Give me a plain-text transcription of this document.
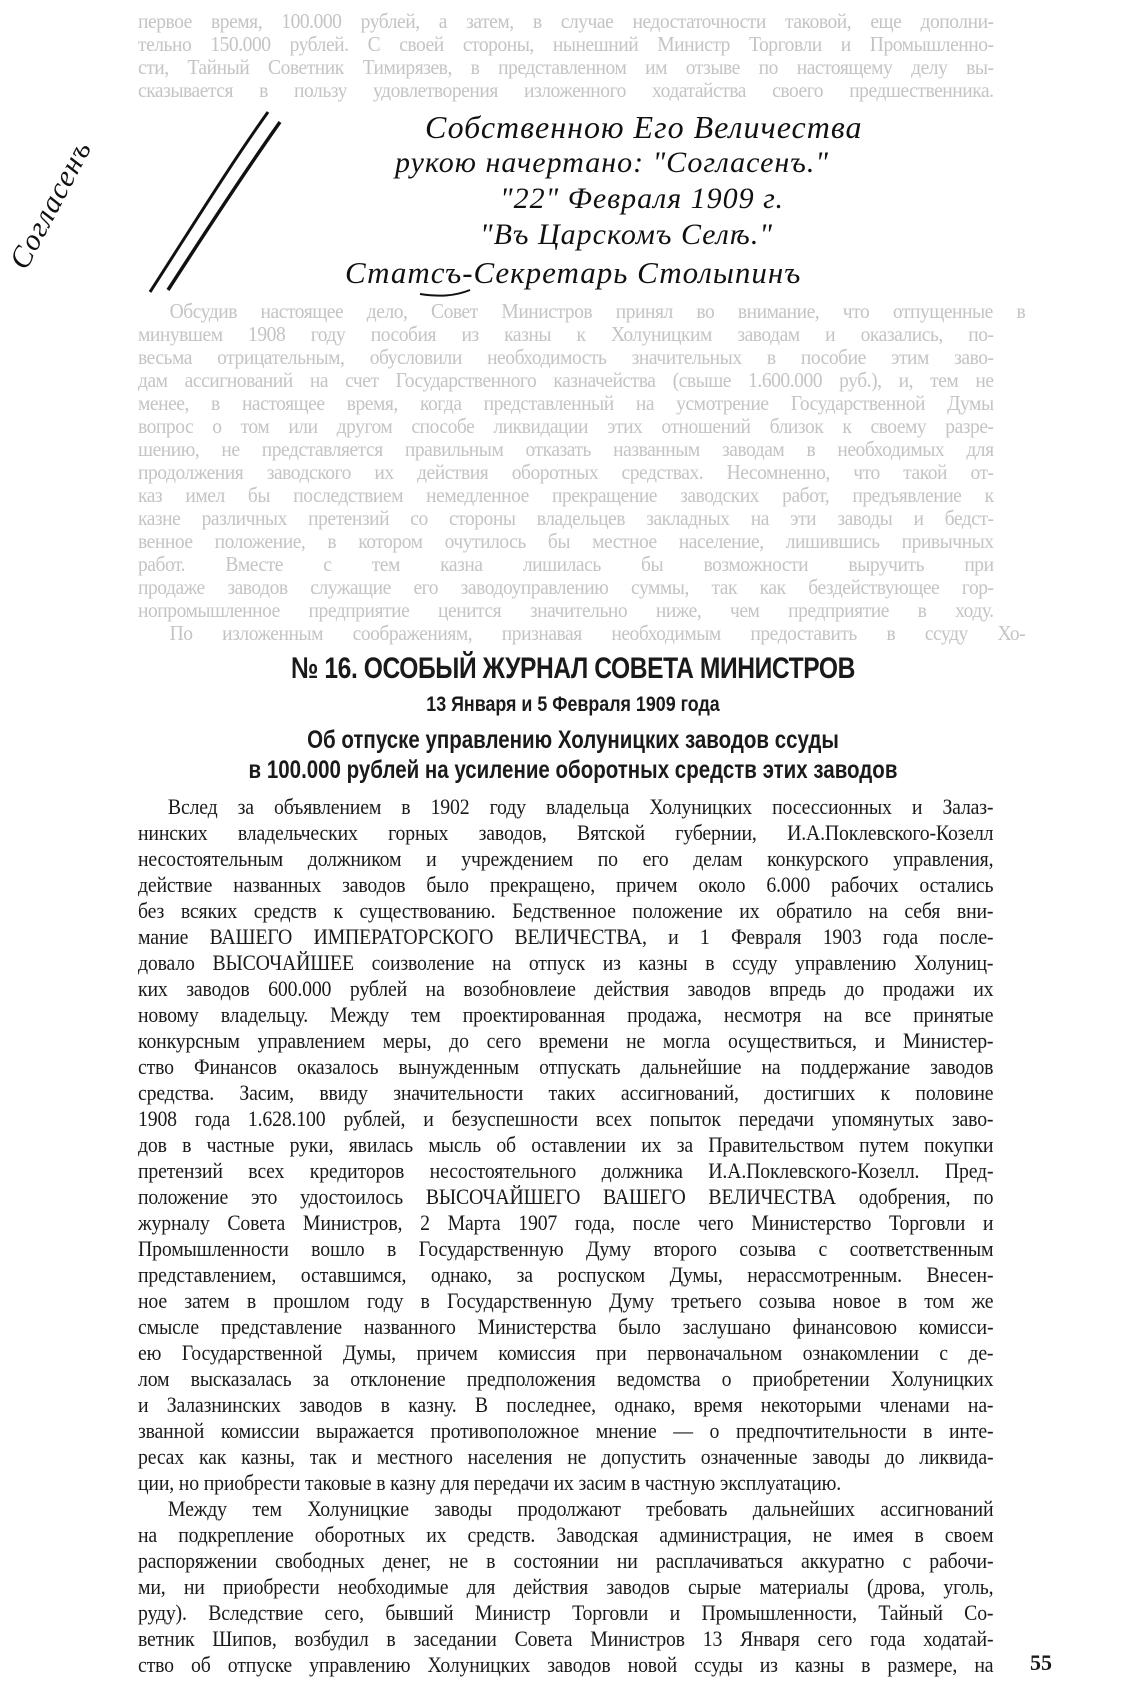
первое время, 100.000 рублей, а затем, в случае недостаточности таковой, еще дополни-
тельно 150.000 рублей. С своей стороны, нынешний Министр Торговли и Промышленно-
сти, Тайный Советник Тимирязев, в представленном им отзыве по настоящему делу вы-
сказывается в пользу удовлетворения изложенного ходатайства своего предшественника.
Обсудив настоящее дело, Совет Министров принял во внимание, что отпущенные в
минувшем 1908 году пособия из казны к Холуницким заводам и оказались, по-
весьма отрицательным, обусловили необходимость значительных в пособие этим заво-
дам ассигнований на счет Государственного казначейства (свыше 1.600.000 руб.), и, тем не
менее, в настоящее время, когда представленный на усмотрение Государственной Думы
вопрос о том или другом способе ликвидации этих отношений близок к своему разре-
шению, не представляется правильным отказать названным заводам в необходимых для
продолжения заводского их действия оборотных средствах. Несомненно, что такой от-
каз имел бы последствием немедленное прекращение заводских работ, предъявление к
казне различных претензий со стороны владельцев закладных на эти заводы и бедст-
венное положение, в котором очутилось бы местное население, лишившись привычных
работ. Вместе с тем казна лишилась бы возможности выручить при
продаже заводов служащие его заводоуправлению суммы, так как бездействующее гор-
нопромышленное предприятие ценится значительно ниже, чем предприятие в ходу.
По изложенным соображениям, признавая необходимым предоставить в ссуду Хо-
Согласенъ
Собственною Его Величества
рукою начертано: "Согласенъ."
"22" Февраля 1909 г.
"Въ Царскомъ Селѣ."
Статсъ-Секретарь Столыпинъ
№ 16. ОСОБЫЙ ЖУРНАЛ СОВЕТА МИНИСТРОВ
13 Января и 5 Февраля 1909 года
Об отпуске управлению Холуницких заводов ссуды
в 100.000 рублей на усиление оборотных средств этих заводов
Вслед за объявлением в 1902 году владельца Холуницких посессионных и Залаз-
нинских владельческих горных заводов, Вятской губернии, И.А.Поклевского-Козелл
несостоятельным должником и учреждением по его делам конкурского управления,
действие названных заводов было прекращено, причем около 6.000 рабочих остались
без всяких средств к существованию. Бедственное положение их обратило на себя вни-
мание ВАШЕГО ИМПЕРАТОРСКОГО ВЕЛИЧЕСТВА, и 1 Февраля 1903 года после-
довало ВЫСОЧАЙШЕЕ соизволение на отпуск из казны в ссуду управлению Холуниц-
ких заводов 600.000 рублей на возобновлеие действия заводов впредь до продажи их
новому владельцу. Между тем проектированная продажа, несмотря на все принятые
конкурсным управлением меры, до сего времени не могла осуществиться, и Министер-
ство Финансов оказалось вынужденным отпускать дальнейшие на поддержание заводов
средства. Засим, ввиду значительности таких ассигнований, достигших к половине
1908 года 1.628.100 рублей, и безуспешности всех попыток передачи упомянутых заво-
дов в частные руки, явилась мысль об оставлении их за Правительством путем покупки
претензий всех кредиторов несостоятельного должника И.А.Поклевского-Козелл. Пред-
положение это удостоилось ВЫСОЧАЙШЕГО ВАШЕГО ВЕЛИЧЕСТВА одобрения, по
журналу Совета Министров, 2 Марта 1907 года, после чего Министерство Торговли и
Промышленности вошло в Государственную Думу второго созыва с соответственным
представлением, оставшимся, однако, за роспуском Думы, нерассмотренным. Внесен-
ное затем в прошлом году в Государственную Думу третьего созыва новое в том же
смысле представление названного Министерства было заслушано финансовою комисси-
ею Государственной Думы, причем комиссия при первоначальном ознакомлении с де-
лом высказалась за отклонение предположения ведомства о приобретении Холуницких
и Залазнинских заводов в казну. В последнее, однако, время некоторыми членами на-
званной комиссии выражается противоположное мнение — о предпочтительности в инте-
ресах как казны, так и местного населения не допустить означенные заводы до ликвида-
ции, но приобрести таковые в казну для передачи их засим в частную эксплуатацию.
Между тем Холуницкие заводы продолжают требовать дальнейших ассигнований
на подкрепление оборотных их средств. Заводская администрация, не имея в своем
распоряжении свободных денег, не в состоянии ни расплачиваться аккуратно с рабочи-
ми, ни приобрести необходимые для действия заводов сырые материалы (дрова, уголь,
руду). Вследствие сего, бывший Министр Торговли и Промышленности, Тайный Со-
ветник Шипов, возбудил в заседании Совета Министров 13 Января сего года ходатай-
ство об отпуске управлению Холуницких заводов новой ссуды из казны в размере, на 55
